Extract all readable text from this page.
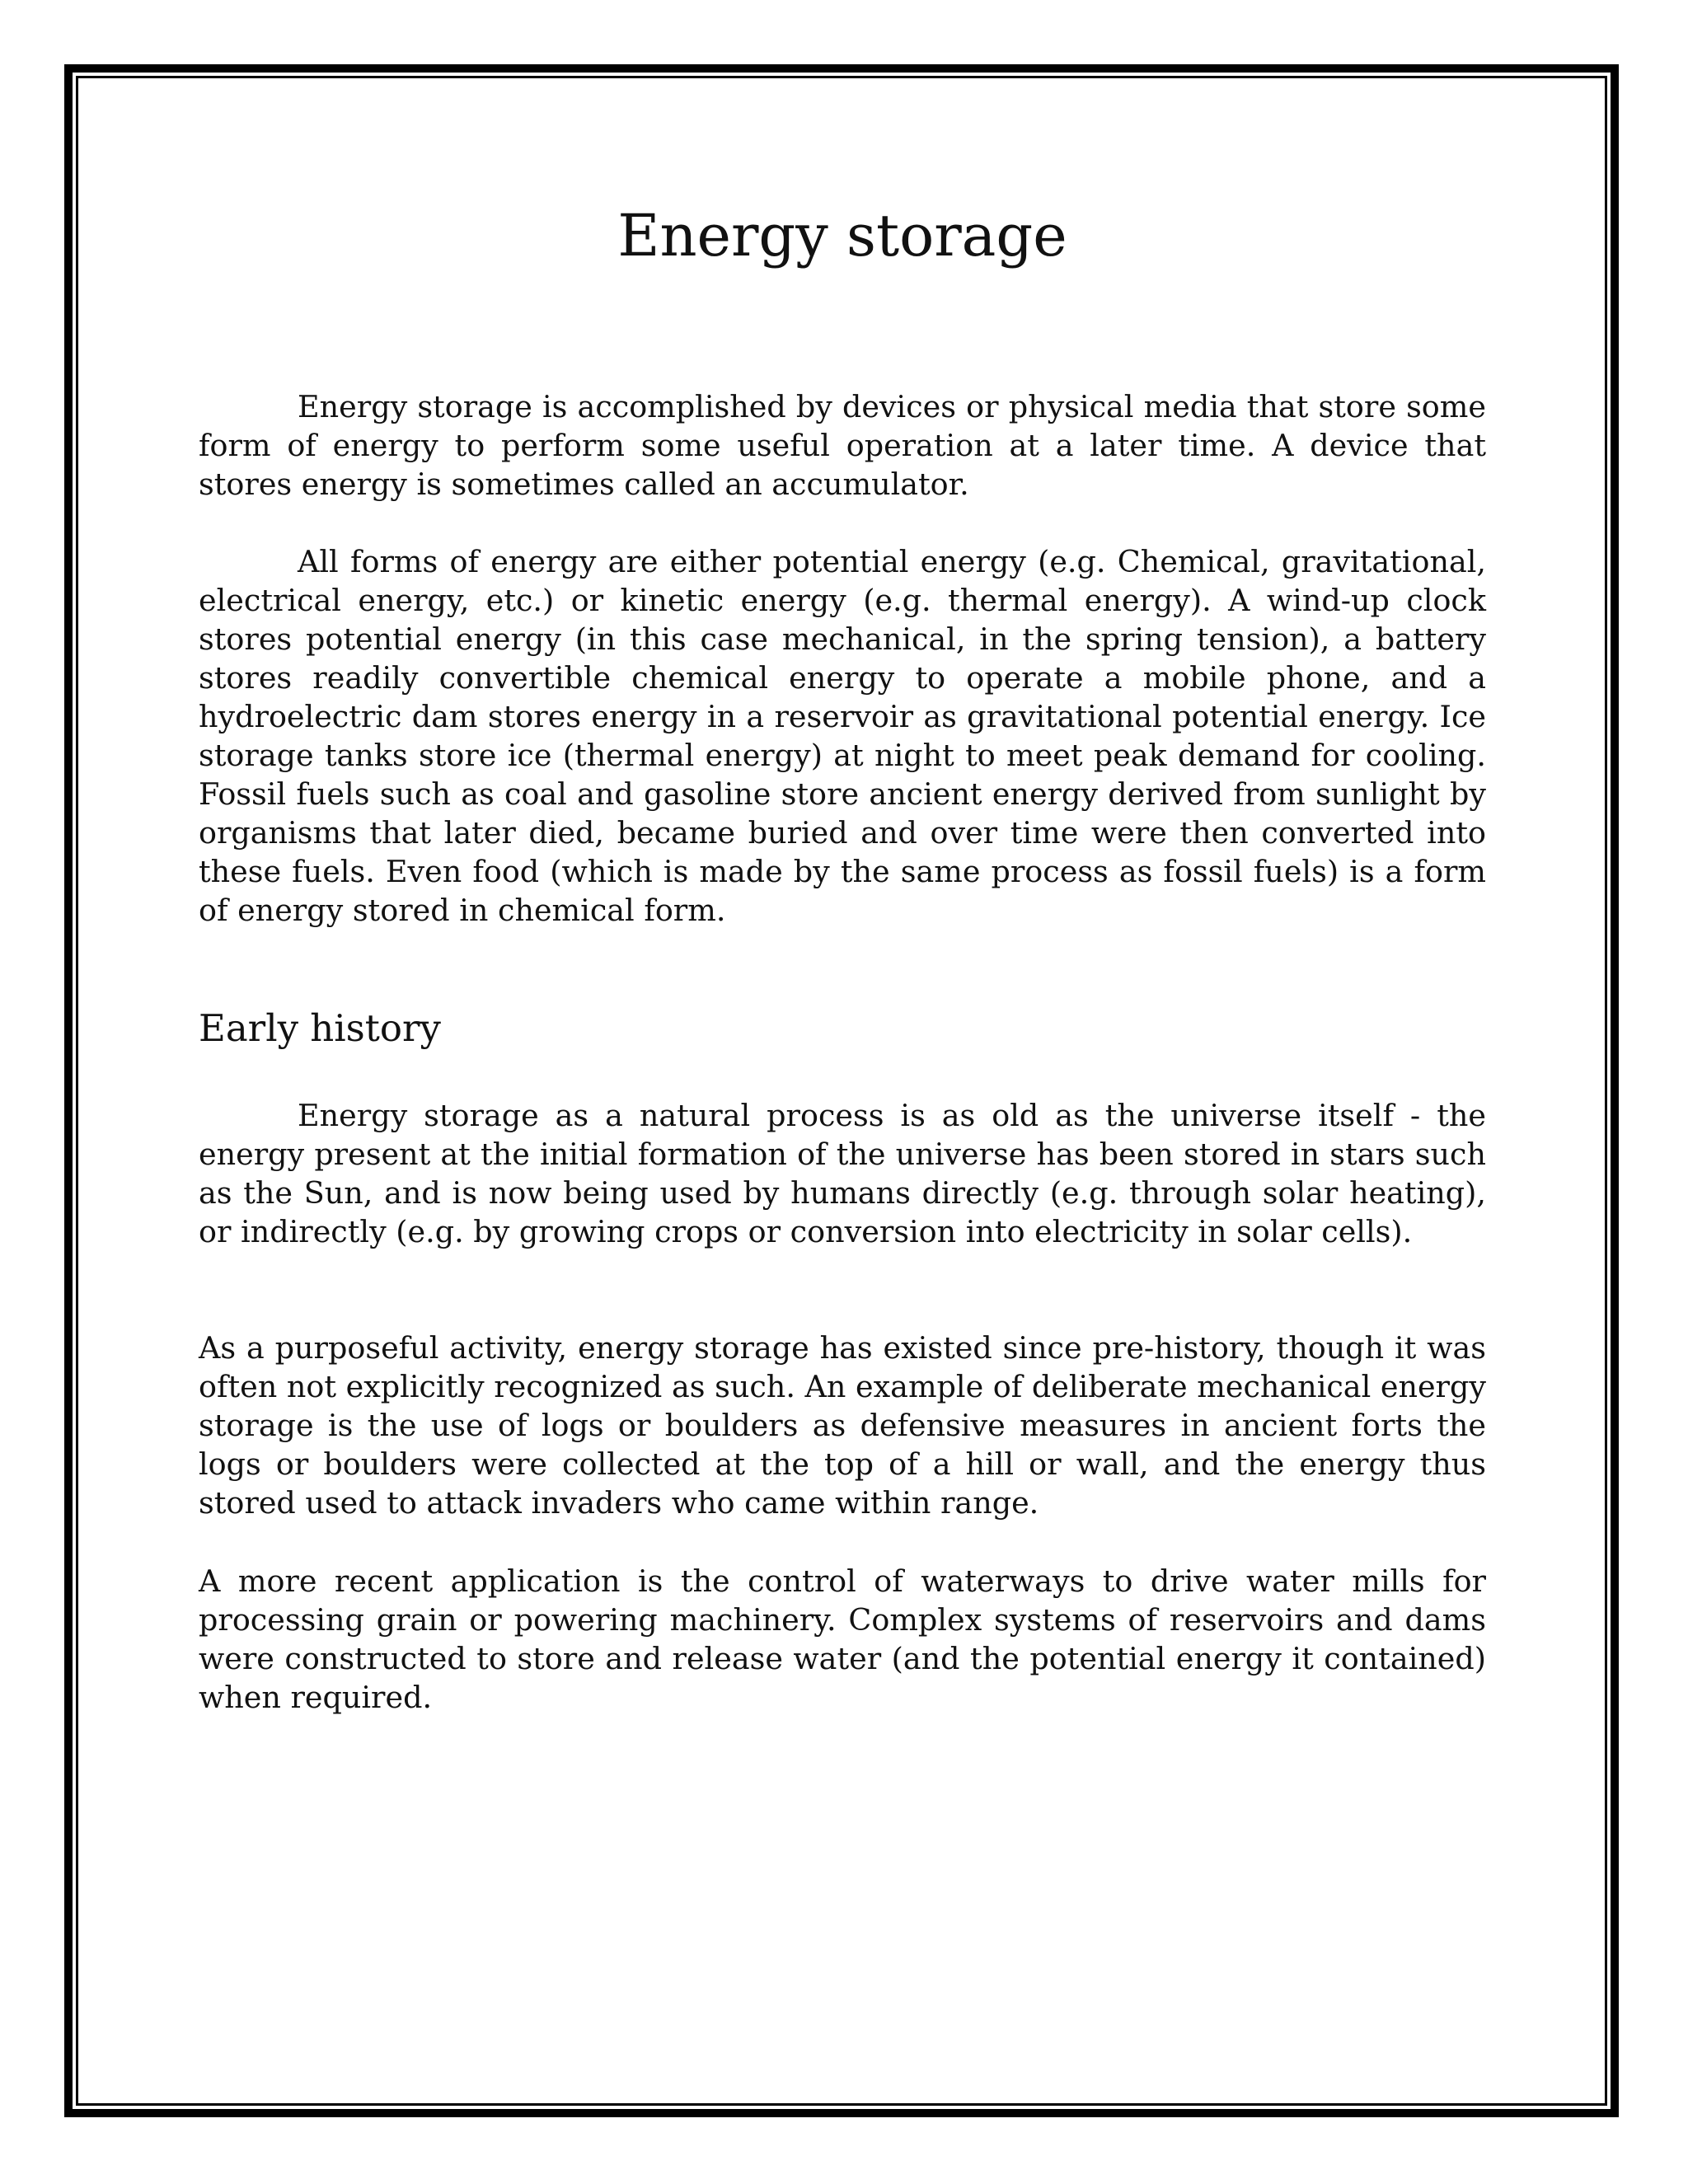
Energy storage

Energy storage is accomplished by devices or physical media that store some form of energy to perform some useful operation at a later time. A device that stores energy is sometimes called an accumulator.

All forms of energy are either potential energy (e.g. Chemical, gravitational, electrical energy, etc.) or kinetic energy (e.g. thermal energy). A wind-up clock stores potential energy (in this case mechanical, in the spring tension), a battery stores readily convertible chemical energy to operate a mobile phone, and a hydroelectric dam stores energy in a reservoir as gravitational potential energy. Ice storage tanks store ice (thermal energy) at night to meet peak demand for cooling. Fossil fuels such as coal and gasoline store ancient energy derived from sunlight by organisms that later died, became buried and over time were then converted into these fuels. Even food (which is made by the same process as fossil fuels) is a form of energy stored in chemical form.

Early history

Energy storage as a natural process is as old as the universe itself - the energy present at the initial formation of the universe has been stored in stars such as the Sun, and is now being used by humans directly (e.g. through solar heating), or indirectly (e.g. by growing crops or conversion into electricity in solar cells).

As a purposeful activity, energy storage has existed since pre-history, though it was often not explicitly recognized as such. An example of deliberate mechanical energy storage is the use of logs or boulders as defensive measures in ancient forts the logs or boulders were collected at the top of a hill or wall, and the energy thus stored used to attack invaders who came within range.

A more recent application is the control of waterways to drive water mills for processing grain or powering machinery. Complex systems of reservoirs and dams were constructed to store and release water (and the potential energy it contained) when required.
